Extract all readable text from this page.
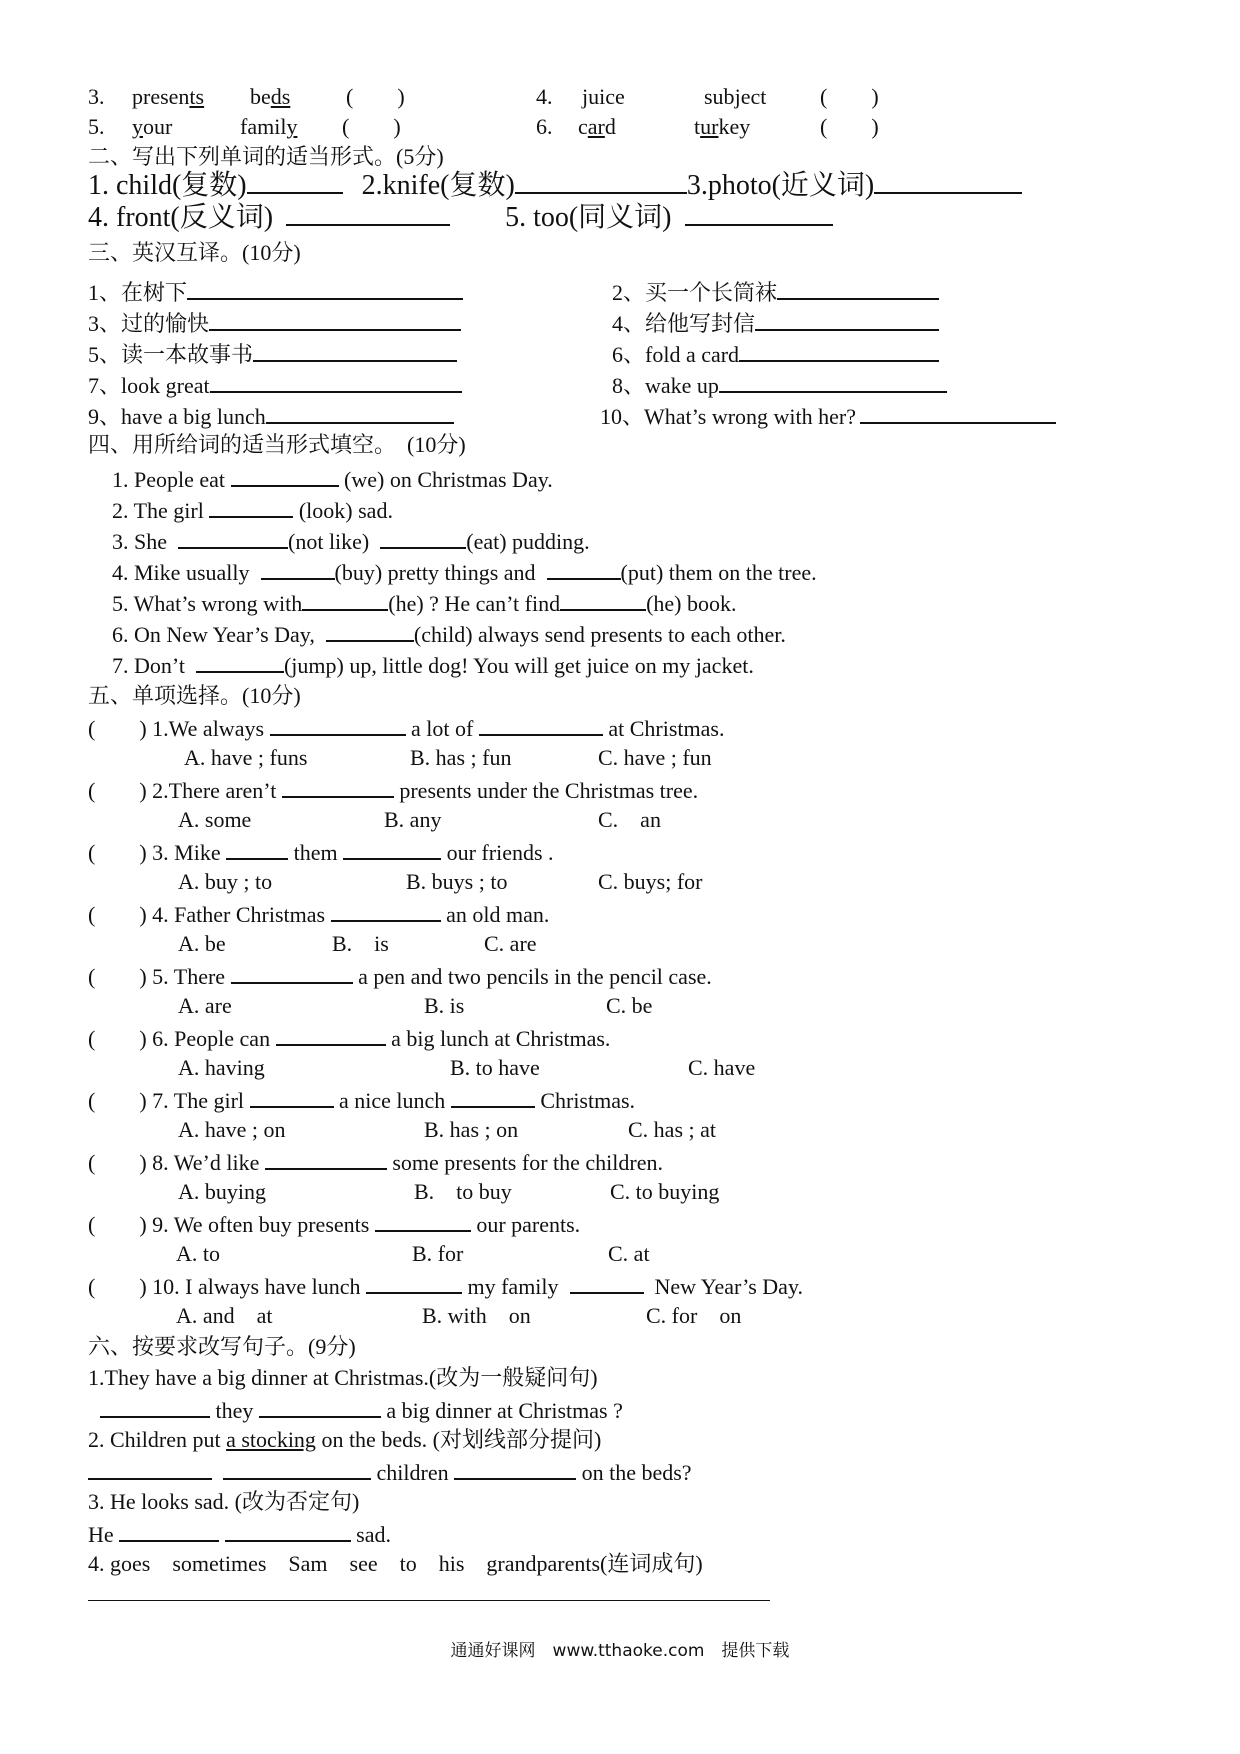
3. presents beds	(　　)	4. juice	subject (　　)
5. your	family (　　)	6. card	turkey	(　　)
二、写出下列单词的适当形式。(5分)
1. child(复数)	2.knife(复数)	3.photo(近义词)
4. front(反义词)	5. too(同义词)
三、英汉互译。(10分)
1、在树下	2、买一个长筒袜
3、过的愉快	4、给他写封信
5、读一本故事书	6、fold a card
7、look great	8、wake up
9、have a big lunch	10、What’s wrong with her?
四、用所给词的适当形式填空。　(10分)
1. People eat	(we) on Christmas Day.
2. The girl	(look) sad.
3. She	(not like)	(eat) pudding.
4. Mike usually	(buy) pretty things and	(put) them on the tree.
5. What’s wrong with	(he) ? He can’t find	(he) book.
6. On New Year’s Day,	(child) always send presents to each other.
7. Don’t	(jump) up, little dog! You will get juice on my jacket.
五、单项选择。(10分)
(　　) 1.We always	a lot of	at Christmas.
A. have ; funs	B. has ; fun	C. have ; fun
(　　) 2.There aren’t	presents under the Christmas tree.
A. some	B. any	C.　an
(　　) 3. Mike	them	our friends .
A. buy ; to	B. buys ; to	C. buys; for
(　　) 4. Father Christmas	an old man.
A. be	B.　is	C. are
(　　) 5. There	a pen and two pencils in the pencil case.
A. are	B. is	C. be
(　　) 6. People can	a big lunch at Christmas.
A. having	B. to have	C. have
(　　) 7. The girl	a nice lunch	Christmas.
A. have ; on	B. has ; on	C. has ; at
(　　) 8. We’d like	some presents for the children.
A. buying	B.　to buy	C. to buying
(　　) 9. We often buy presents	our parents.
A. to	B. for	C. at
(　　) 10. I always have lunch	my family	New Year’s Day.
A. and　at	B. with　on	C. for　on
六、按要求改写句子。(9分)
1.They have a big dinner at Christmas.(改为一般疑问句)
they	a big dinner at Christmas ?
2. Children put a stocking on the beds. (对划线部分提问)
children	on the beds?
3. He looks sad. (改为否定句)
He	sad.
4. goes　sometimes　Sam　see　to　his　grandparents(连词成句)
通通好课网　www.tthaoke.com　提供下载
